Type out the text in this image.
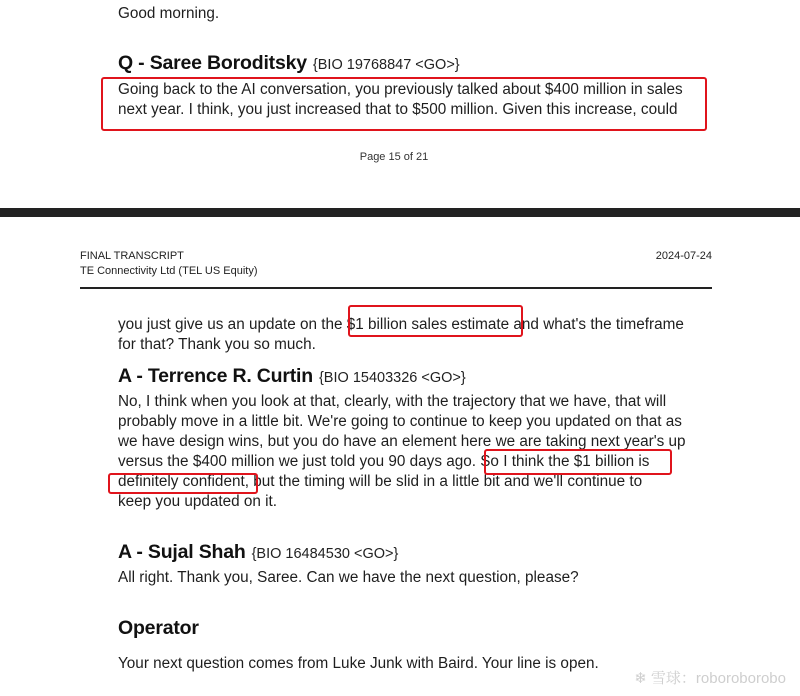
Good morning.
Q - Saree Boroditsky {BIO 19768847 <GO>}
Going back to the AI conversation, you previously talked about $400 million in sales
next year. I think, you just increased that to $500 million. Given this increase, could
Page 15 of 21
FINAL TRANSCRIPT
TE Connectivity Ltd (TEL US Equity)
2024-07-24
you just give us an update on the $1 billion sales estimate and what's the timeframe
for that? Thank you so much.
A - Terrence R. Curtin {BIO 15403326 <GO>}
No, I think when you look at that, clearly, with the trajectory that we have, that will
probably move in a little bit. We're going to continue to keep you updated on that as
we have design wins, but you do have an element here we are taking next year's up
versus the $400 million we just told you 90 days ago. So I think the $1 billion is
definitely confident, but the timing will be slid in a little bit and we'll continue to
keep you updated on it.
A - Sujal Shah {BIO 16484530 <GO>}
All right. Thank you, Saree. Can we have the next question, please?
Operator
Your next question comes from Luke Junk with Baird. Your line is open.
❄ 雪球：roboroborobo
